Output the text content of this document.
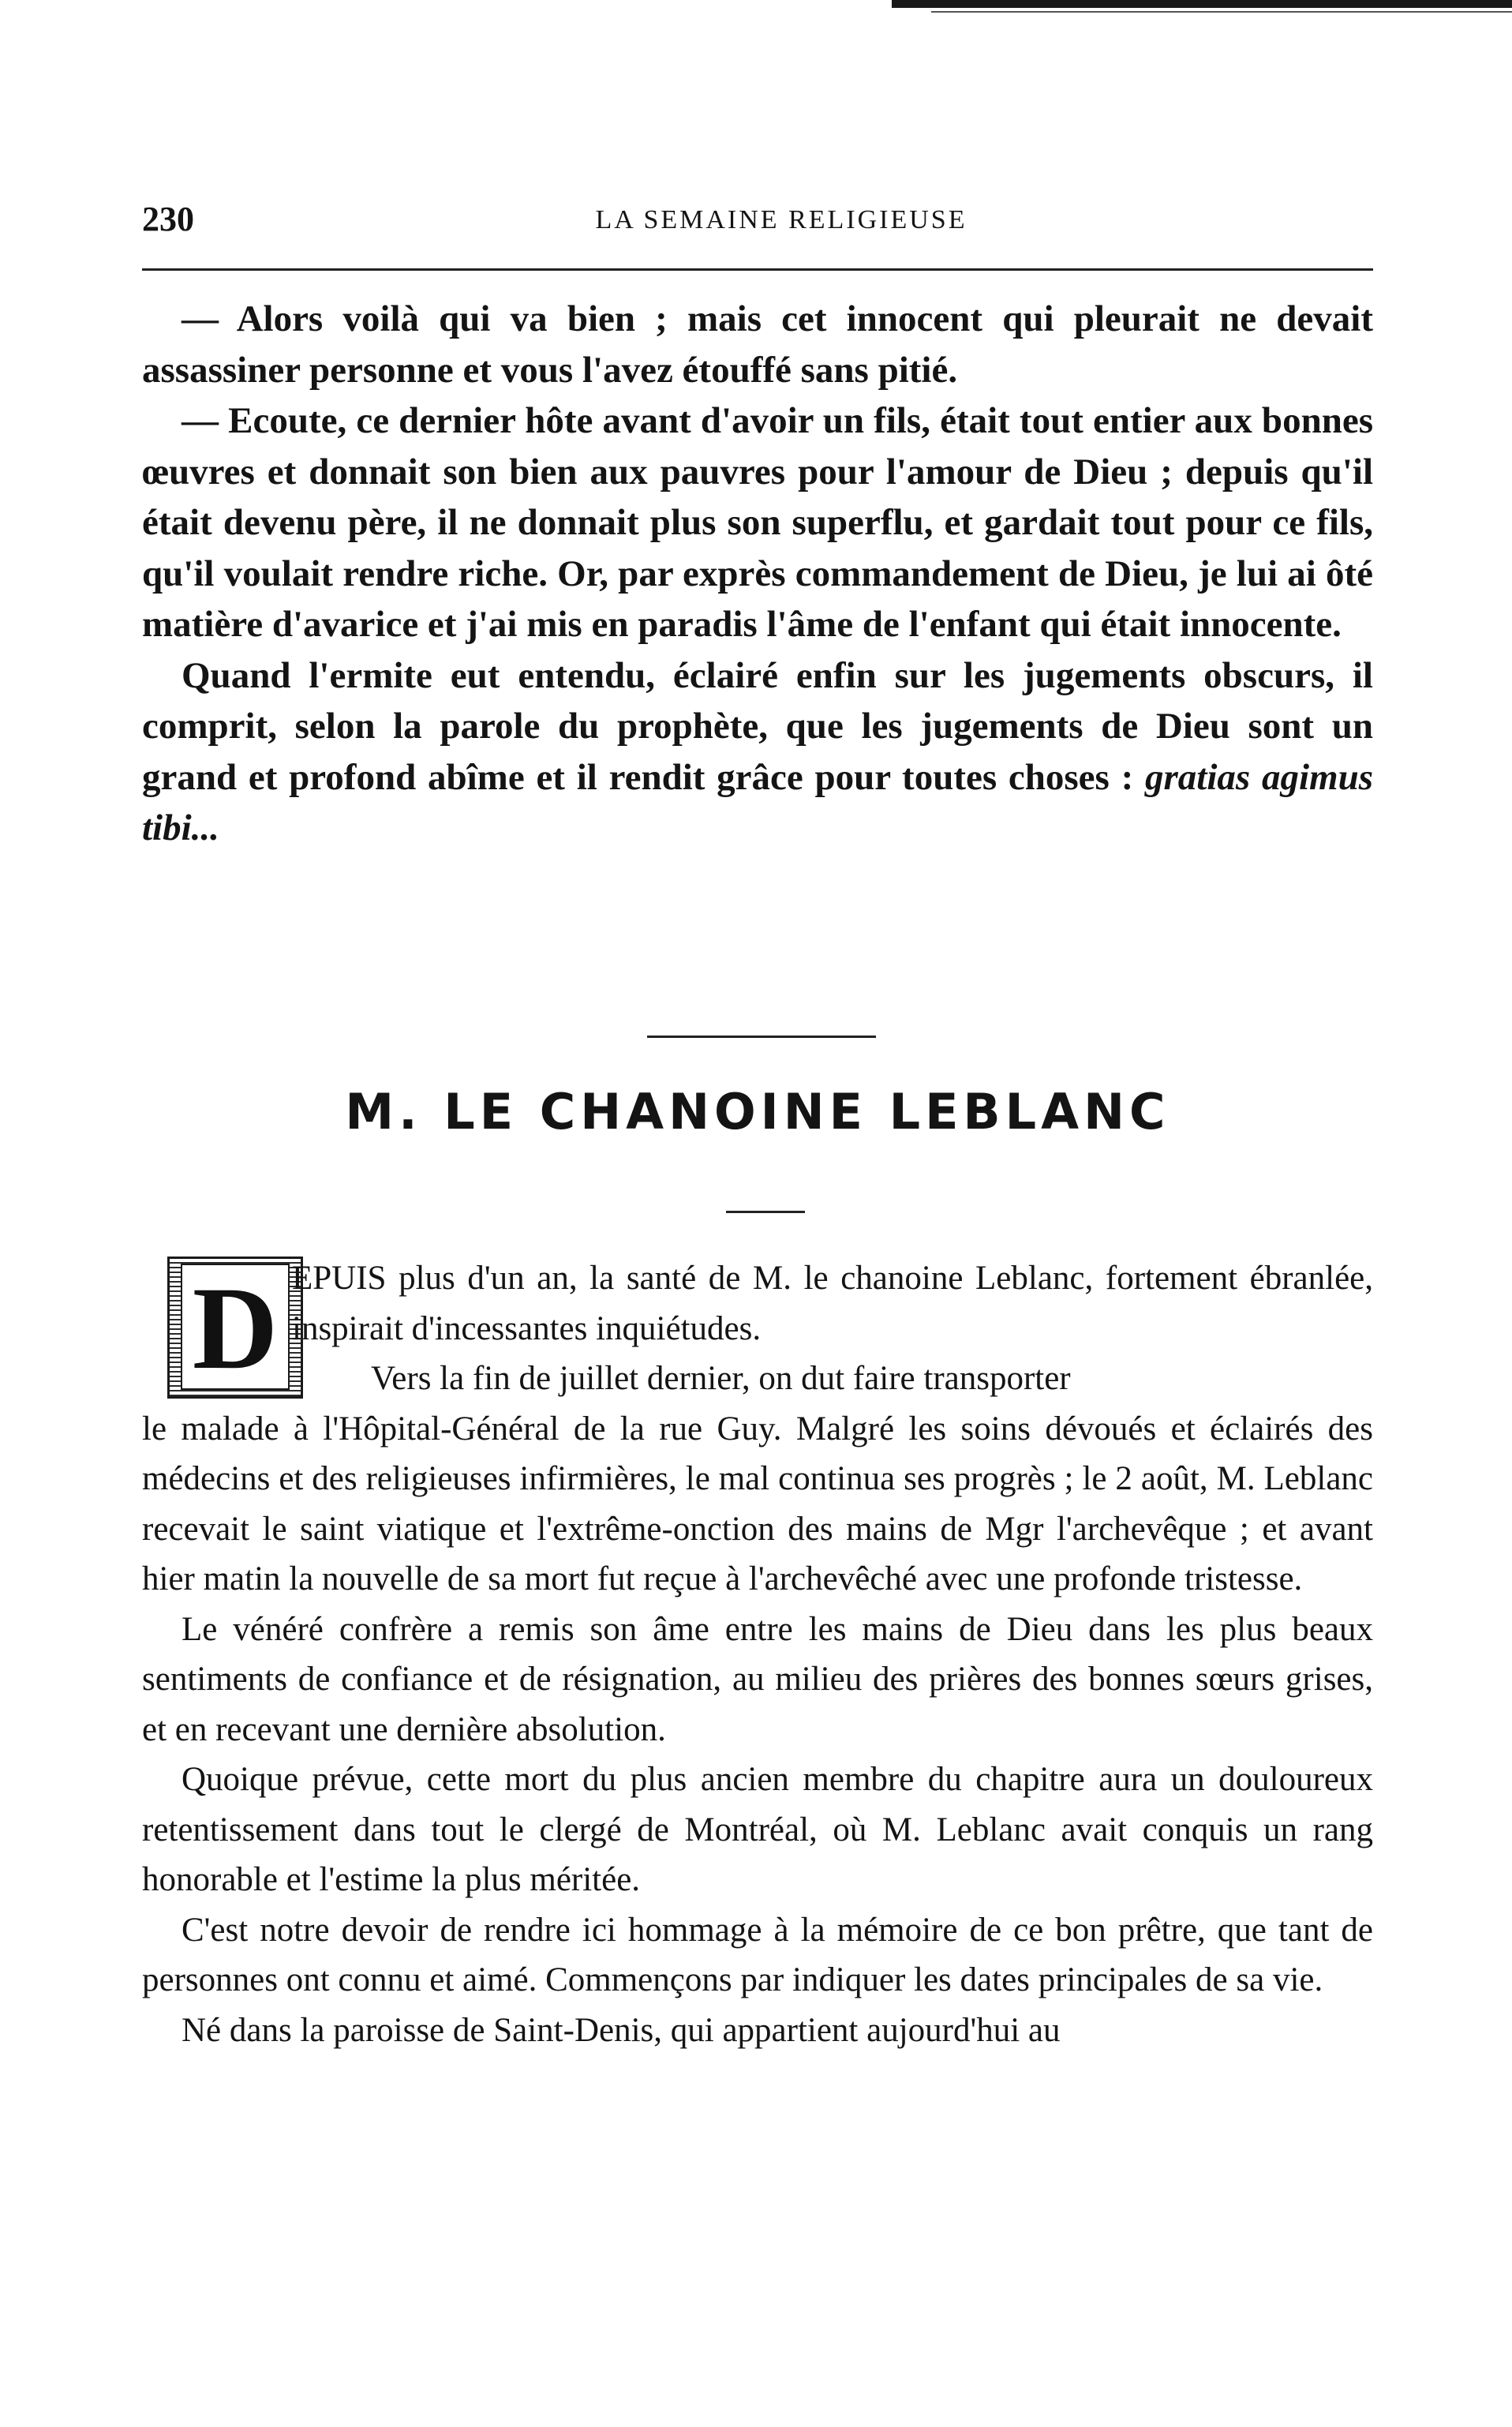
230	LA SEMAINE RELIGIEUSE

— Alors voilà qui va bien ; mais cet innocent qui pleurait ne devait assassiner personne et vous l'avez étouffé sans pitié.

— Ecoute, ce dernier hôte avant d'avoir un fils, était tout entier aux bonnes œuvres et donnait son bien aux pauvres pour l'amour de Dieu ; depuis qu'il était devenu père, il ne donnait plus son superflu, et gardait tout pour ce fils, qu'il voulait rendre riche. Or, par exprès commandement de Dieu, je lui ai ôté matière d'avarice et j'ai mis en paradis l'âme de l'enfant qui était innocente.

Quand l'ermite eut entendu, éclairé enfin sur les jugements obscurs, il comprit, selon la parole du prophète, que les jugements de Dieu sont un grand et profond abîme et il rendit grâce pour toutes choses : gratias agimus tibi...

M. LE CHANOINE LEBLANC
D EPUIS plus d'un an, la santé de M. le chanoine Leblanc, fortement ébranlée, inspirait d'incessantes inquiétudes.

Vers la fin de juillet dernier, on dut faire transporter

le malade à l'Hôpital-Général de la rue Guy. Malgré les soins dévoués et éclairés des médecins et des religieuses infirmières, le mal continua ses progrès ; le 2 août, M. Leblanc recevait le saint viatique et l'extrême-onction des mains de Mgr l'archevêque ; et avant hier matin la nouvelle de sa mort fut reçue à l'archevêché avec une profonde tristesse.

Le vénéré confrère a remis son âme entre les mains de Dieu dans les plus beaux sentiments de confiance et de résignation, au milieu des prières des bonnes sœurs grises, et en recevant une dernière absolution.

Quoique prévue, cette mort du plus ancien membre du chapitre aura un douloureux retentissement dans tout le clergé de Montréal, où M. Leblanc avait conquis un rang honorable et l'estime la plus méritée.

C'est notre devoir de rendre ici hommage à la mémoire de ce bon prêtre, que tant de personnes ont connu et aimé. Commençons par indiquer les dates principales de sa vie.

Né dans la paroisse de Saint-Denis, qui appartient aujourd'hui au
